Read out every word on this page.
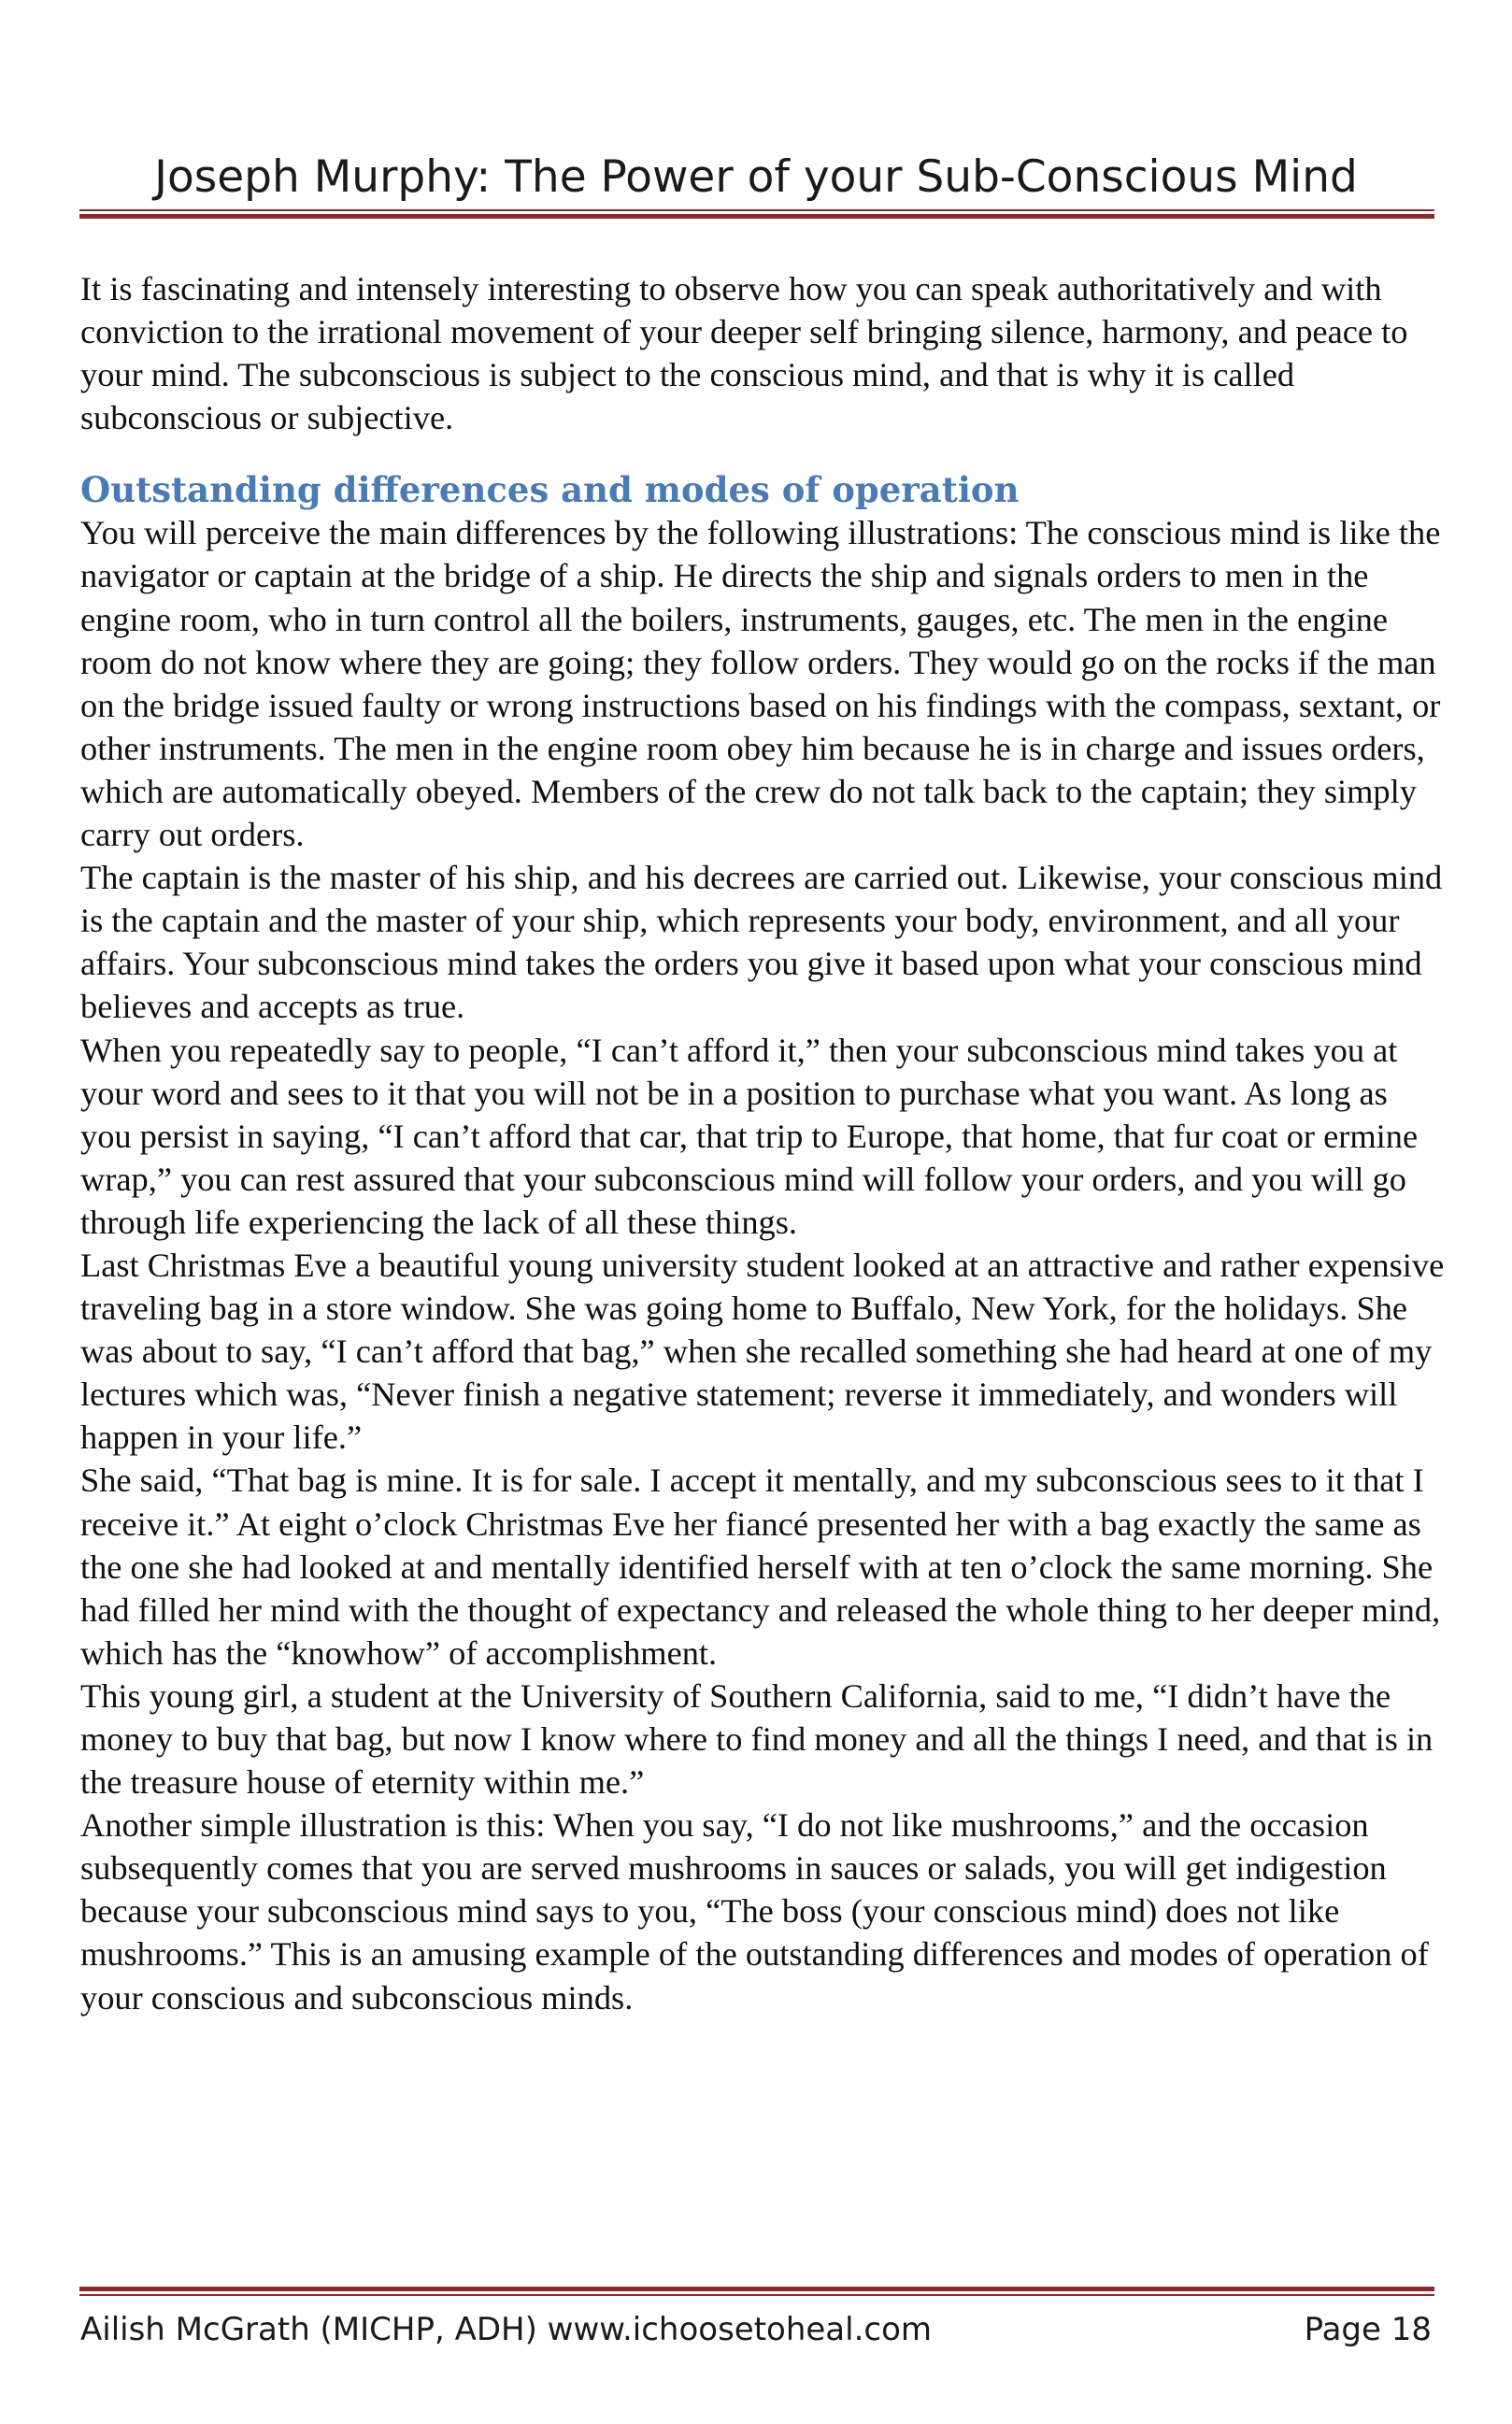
Joseph Murphy: The Power of your Sub-Conscious Mind

It is fascinating and intensely interesting to observe how you can speak authoritatively and with conviction to the irrational movement of your deeper self bringing silence, harmony, and peace to your mind. The subconscious is subject to the conscious mind, and that is why it is called subconscious or subjective.

Outstanding differences and modes of operation

You will perceive the main differences by the following illustrations: The conscious mind is like the navigator or captain at the bridge of a ship. He directs the ship and signals orders to men in the engine room, who in turn control all the boilers, instruments, gauges, etc. The men in the engine room do not know where they are going; they follow orders. They would go on the rocks if the man on the bridge issued faulty or wrong instructions based on his findings with the compass, sextant, or other instruments. The men in the engine room obey him because he is in charge and issues orders, which are automatically obeyed. Members of the crew do not talk back to the captain; they simply carry out orders.

The captain is the master of his ship, and his decrees are carried out. Likewise, your conscious mind is the captain and the master of your ship, which represents your body, environment, and all your affairs. Your subconscious mind takes the orders you give it based upon what your conscious mind believes and accepts as true.

When you repeatedly say to people, “I can’t afford it,” then your subconscious mind takes you at your word and sees to it that you will not be in a position to purchase what you want. As long as you persist in saying, “I can’t afford that car, that trip to Europe, that home, that fur coat or ermine wrap,” you can rest assured that your subconscious mind will follow your orders, and you will go through life experiencing the lack of all these things.

Last Christmas Eve a beautiful young university student looked at an attractive and rather expensive traveling bag in a store window. She was going home to Buffalo, New York, for the holidays. She was about to say, “I can’t afford that bag,” when she recalled something she had heard at one of my lectures which was, “Never finish a negative statement; reverse it immediately, and wonders will happen in your life.”

She said, “That bag is mine. It is for sale. I accept it mentally, and my subconscious sees to it that I receive it.” At eight o’clock Christmas Eve her fiancé presented her with a bag exactly the same as the one she had looked at and mentally identified herself with at ten o’clock the same morning. She had filled her mind with the thought of expectancy and released the whole thing to her deeper mind, which has the “knowhow” of accomplishment.

This young girl, a student at the University of Southern California, said to me, “I didn’t have the money to buy that bag, but now I know where to find money and all the things I need, and that is in the treasure house of eternity within me.”

Another simple illustration is this: When you say, “I do not like mushrooms,” and the occasion subsequently comes that you are served mushrooms in sauces or salads, you will get indigestion because your subconscious mind says to you, “The boss (your conscious mind) does not like mushrooms.” This is an amusing example of the outstanding differences and modes of operation of your conscious and subconscious minds.

Ailish McGrath (MICHP, ADH) www.ichoosetoheal.com	Page 18
